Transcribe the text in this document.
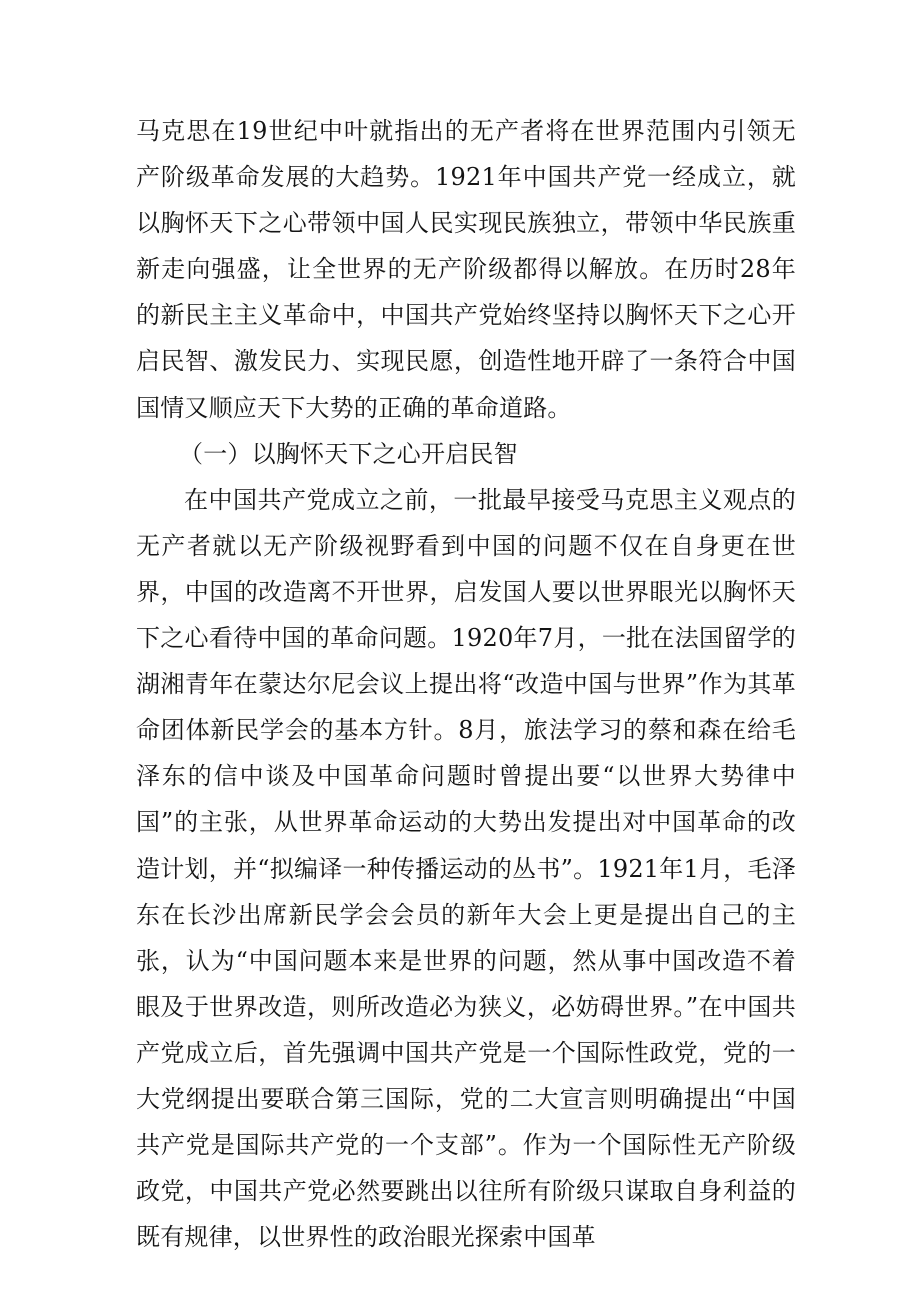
马克思在19世纪中叶就指出的无产者将在世界范围内引领无产阶级革命发展的大趋势。1921年中国共产党一经成立，就以胸怀天下之心带领中国人民实现民族独立，带领中华民族重新走向强盛，让全世界的无产阶级都得以解放。在历时28年的新民主主义革命中，中国共产党始终坚持以胸怀天下之心开启民智、激发民力、实现民愿，创造性地开辟了一条符合中国国情又顺应天下大势的正确的革命道路。

（一）以胸怀天下之心开启民智

在中国共产党成立之前，一批最早接受马克思主义观点的无产者就以无产阶级视野看到中国的问题不仅在自身更在世界，中国的改造离不开世界，启发国人要以世界眼光以胸怀天下之心看待中国的革命问题。1920年7月，一批在法国留学的湖湘青年在蒙达尔尼会议上提出将“改造中国与世界”作为其革命团体新民学会的基本方针。8月，旅法学习的蔡和森在给毛泽东的信中谈及中国革命问题时曾提出要“以世界大势律中国”的主张，从世界革命运动的大势出发提出对中国革命的改造计划，并“拟编译一种传播运动的丛书”。1921年1月，毛泽东在长沙出席新民学会会员的新年大会上更是提出自己的主张，认为“中国问题本来是世界的问题，然从事中国改造不着眼及于世界改造，则所改造必为狭义，必妨碍世界。”在中国共产党成立后，首先强调中国共产党是一个国际性政党，党的一大党纲提出要联合第三国际，党的二大宣言则明确提出“中国共产党是国际共产党的一个支部”。作为一个国际性无产阶级政党，中国共产党必然要跳出以往所有阶级只谋取自身利益的既有规律，以世界性的政治眼光探索中国革
